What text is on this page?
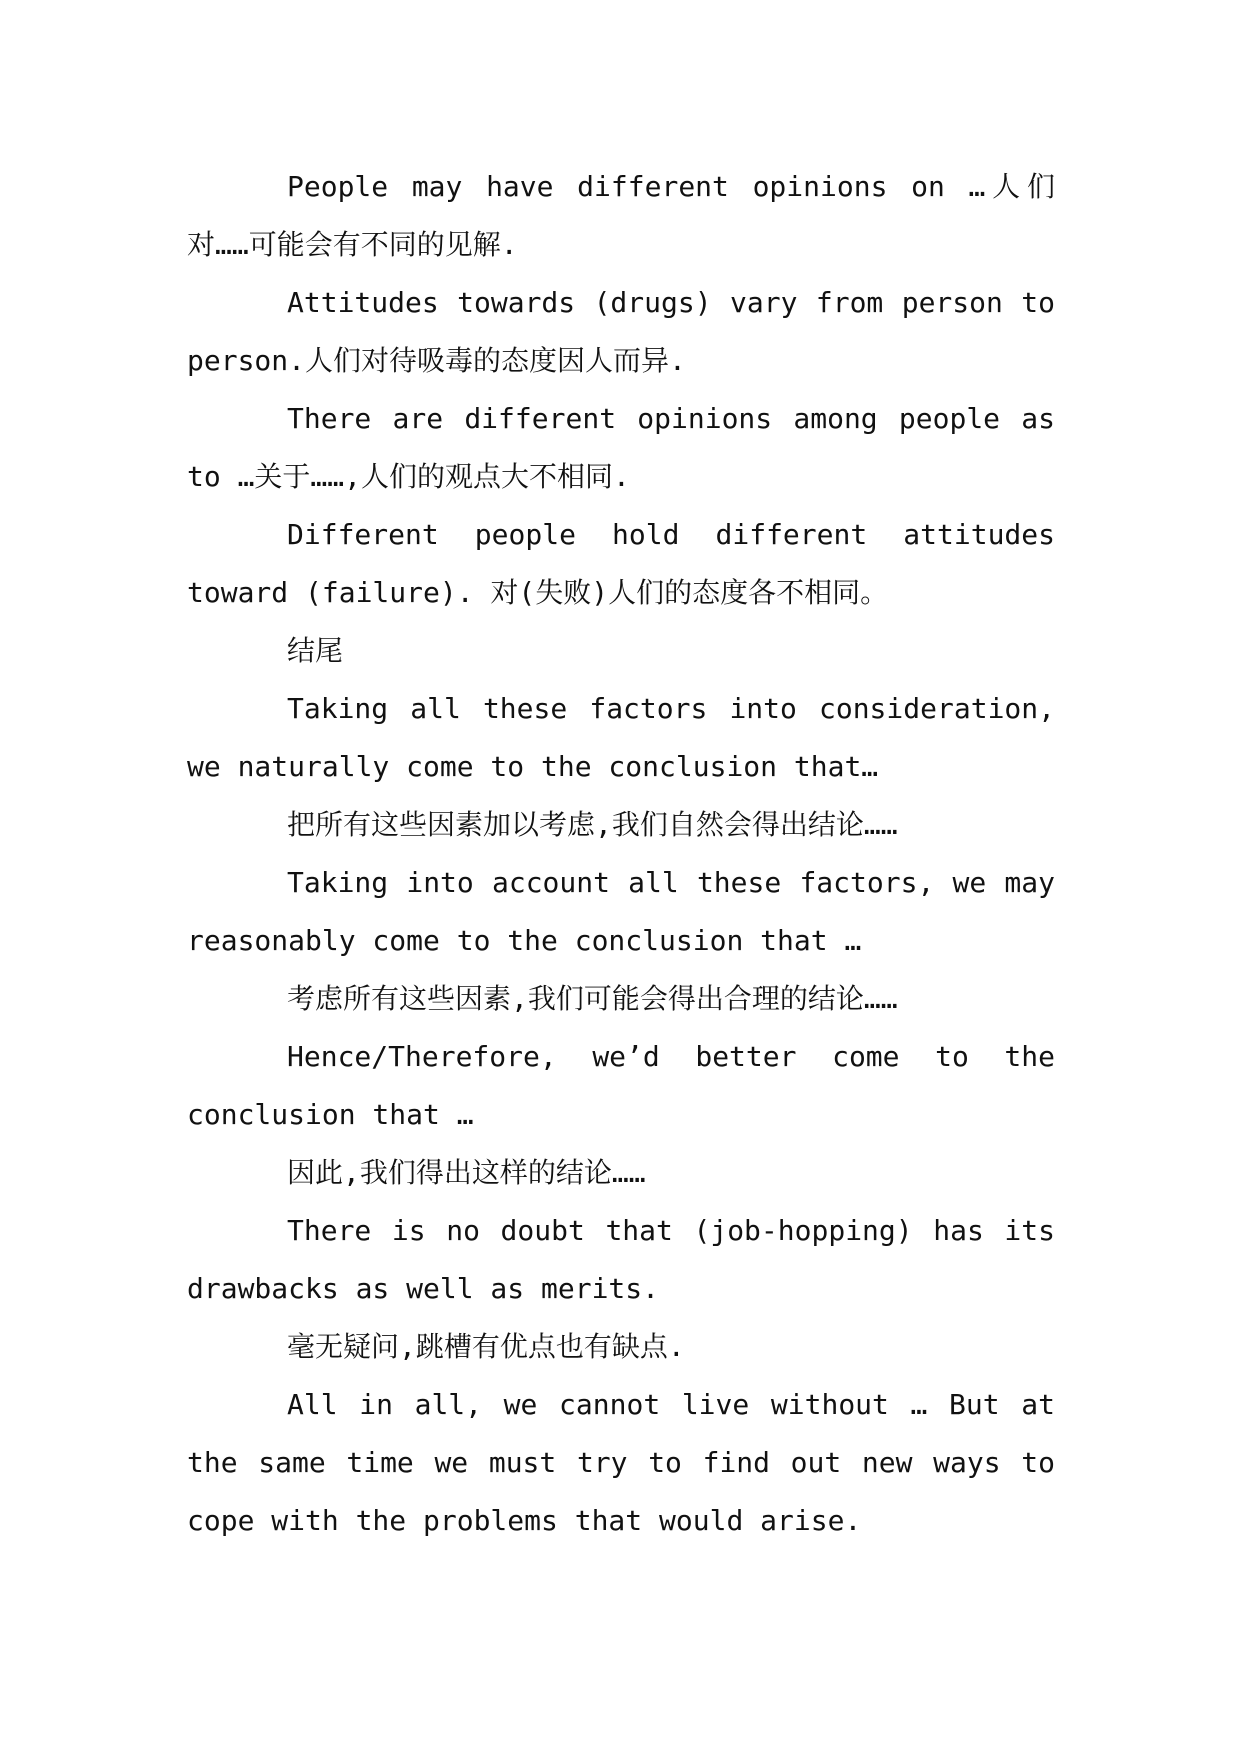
People may have different opinions on …人们对……可能会有不同的见解.

Attitudes towards (drugs) vary from person to person.人们对待吸毒的态度因人而异.

There are different opinions among people as to …关于……,人们的观点大不相同.

Different people hold different attitudes toward (failure). 对(失败)人们的态度各不相同。

结尾

Taking all these factors into consideration, we naturally come to the conclusion that…

把所有这些因素加以考虑,我们自然会得出结论……

Taking into account all these factors, we may reasonably come to the conclusion that …

考虑所有这些因素,我们可能会得出合理的结论……

Hence/Therefore, we’d better come to the conclusion that …

因此,我们得出这样的结论……

There is no doubt that (job-hopping) has its drawbacks as well as merits.

毫无疑问,跳槽有优点也有缺点.

All in all, we cannot live without … But at the same time we must try to find out new ways to cope with the problems that would arise.
